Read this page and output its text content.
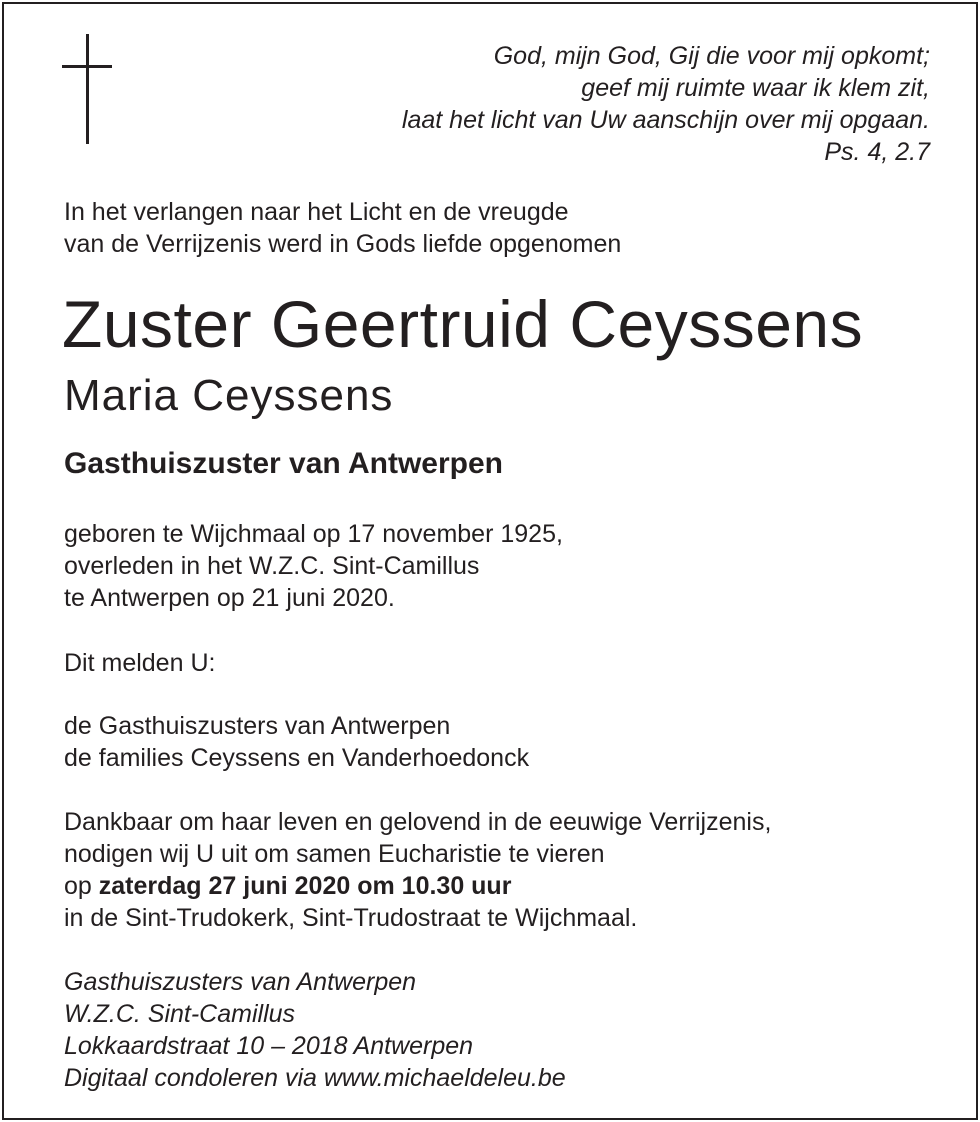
God, mijn God, Gij die voor mij opkomt;
geef mij ruimte waar ik klem zit,
laat het licht van Uw aanschijn over mij opgaan.
Ps. 4, 2.7
In het verlangen naar het Licht en de vreugde
van de Verrijzenis werd in Gods liefde opgenomen
Zuster Geertruid Ceyssens
Maria Ceyssens
Gasthuiszuster van Antwerpen
geboren te Wijchmaal op 17 november 1925,
overleden in het W.Z.C. Sint-Camillus
te Antwerpen op 21 juni 2020.
Dit melden U:
de Gasthuiszusters van Antwerpen
de families Ceyssens en Vanderhoedonck
Dankbaar om haar leven en gelovend in de eeuwige Verrijzenis,
nodigen wij U uit om samen Eucharistie te vieren
op zaterdag 27 juni 2020 om 10.30 uur
in de Sint-Trudokerk, Sint-Trudostraat te Wijchmaal.
Gasthuiszusters van Antwerpen
W.Z.C. Sint-Camillus
Lokkaardstraat 10 – 2018 Antwerpen
Digitaal condoleren via www.michaeldeleu.be
